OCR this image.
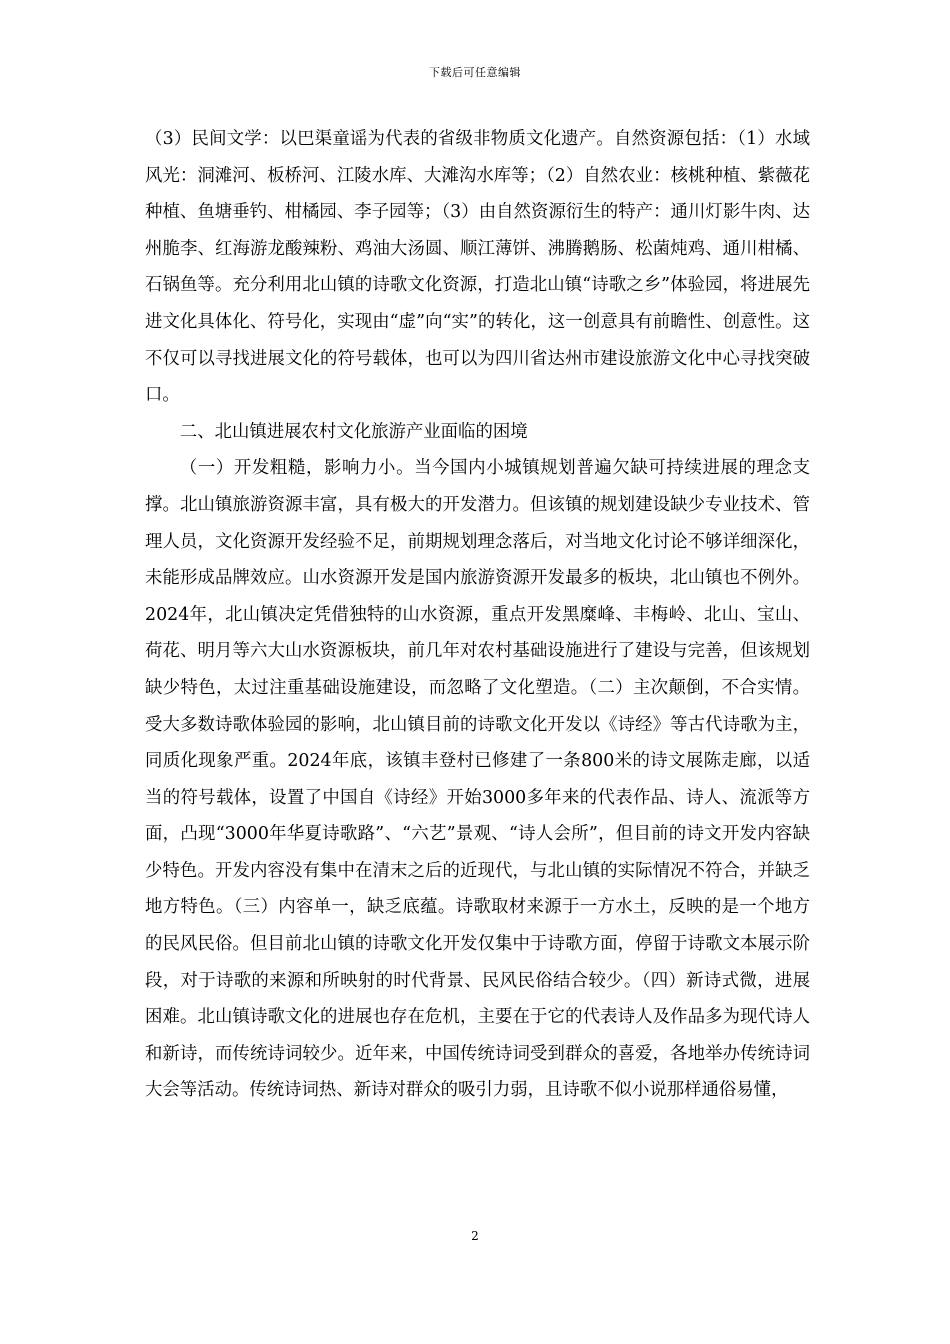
下载后可任意编辑

（3）民间文学：以巴渠童谣为代表的省级非物质文化遗产。自然资源包括：（1）水域风光：洞滩河、板桥河、江陵水库、大滩沟水库等；（2）自然农业：核桃种植、紫薇花种植、鱼塘垂钓、柑橘园、李子园等；（3）由自然资源衍生的特产：通川灯影牛肉、达州脆李、红海游龙酸辣粉、鸡油大汤圆、顺江薄饼、沸腾鹅肠、松菌炖鸡、通川柑橘、石锅鱼等。充分利用北山镇的诗歌文化资源，打造北山镇“诗歌之乡”体验园，将进展先进文化具体化、符号化，实现由“虚”向“实”的转化，这一创意具有前瞻性、创意性。这不仅可以寻找进展文化的符号载体，也可以为四川省达州市建设旅游文化中心寻找突破口。

二、北山镇进展农村文化旅游产业面临的困境

（一）开发粗糙，影响力小。当今国内小城镇规划普遍欠缺可持续进展的理念支撑。北山镇旅游资源丰富，具有极大的开发潜力。但该镇的规划建设缺少专业技术、管理人员，文化资源开发经验不足，前期规划理念落后，对当地文化讨论不够详细深化，未能形成品牌效应。山水资源开发是国内旅游资源开发最多的板块，北山镇也不例外。2024年，北山镇决定凭借独特的山水资源，重点开发黑糜峰、丰梅岭、北山、宝山、荷花、明月等六大山水资源板块，前几年对农村基础设施进行了建设与完善，但该规划缺少特色，太过注重基础设施建设，而忽略了文化塑造。（二）主次颠倒，不合实情。受大多数诗歌体验园的影响，北山镇目前的诗歌文化开发以《诗经》等古代诗歌为主，同质化现象严重。2024年底，该镇丰登村已修建了一条800米的诗文展陈走廊，以适当的符号载体，设置了中国自《诗经》开始3000多年来的代表作品、诗人、流派等方面，凸现“3000年华夏诗歌路”、“六艺”景观、“诗人会所”，但目前的诗文开发内容缺少特色。开发内容没有集中在清末之后的近现代，与北山镇的实际情况不符合，并缺乏地方特色。（三）内容单一，缺乏底蕴。诗歌取材来源于一方水土，反映的是一个地方的民风民俗。但目前北山镇的诗歌文化开发仅集中于诗歌方面，停留于诗歌文本展示阶段，对于诗歌的来源和所映射的时代背景、民风民俗结合较少。（四）新诗式微，进展困难。北山镇诗歌文化的进展也存在危机，主要在于它的代表诗人及作品多为现代诗人和新诗，而传统诗词较少。近年来，中国传统诗词受到群众的喜爱，各地举办传统诗词大会等活动。传统诗词热、新诗对群众的吸引力弱，且诗歌不似小说那样通俗易懂，

2
